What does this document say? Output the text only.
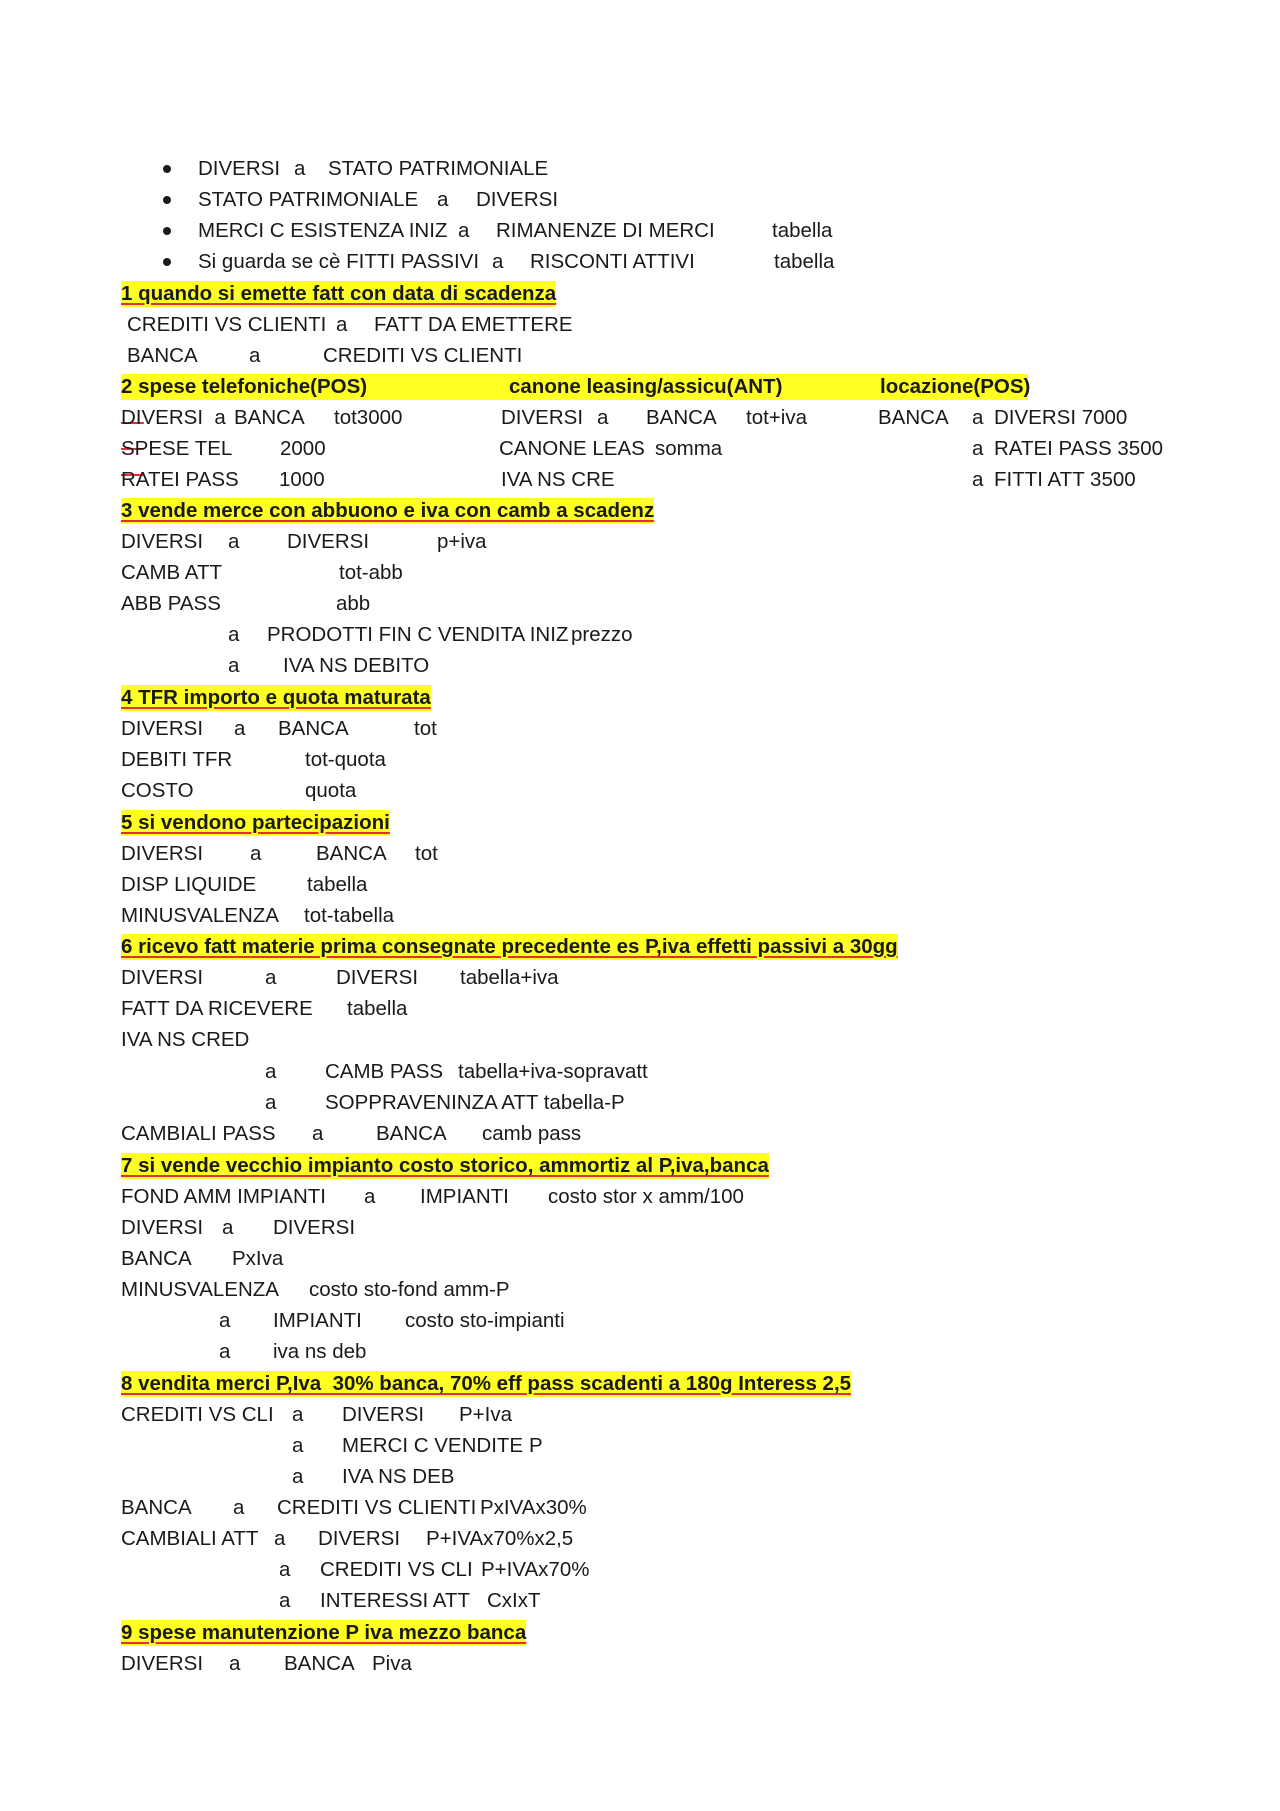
DIVERSI a STATO PATRIMONIALE
STATO PATRIMONIALE a DIVERSI
MERCI C ESISTENZA INIZ a RIMANENZE DI MERCI	tabella
Si guarda se cè FITTI PASSIVI a RISCONTI ATTIVI	tabella
1 quando si emette fatt con data di scadenza
CREDITI VS CLIENTI a FATT DA EMETTERE
BANCA	a	CREDITI VS CLIENTI

2 spese telefoniche(POS)

	canone leasing/assicu(ANT)

	locazione(POS)

DIVERSI  a BANCA tot3000	DIVERSI a BANCA tot+iva	BANCA a DIVERSI 7000
SPESE TEL 2000	CANONE LEAS somma	a RATEI PASS 3500
RATEI PASS 1000	IVA NS CRE	a FITTI ATT 3500
3 vende merce con abbuono e iva con camb a scadenz
DIVERSI a DIVERSI	p+iva
CAMB ATT	tot-abb
ABB PASS	abb
a PRODOTTI FIN C VENDITA INIZ prezzo
a IVA NS DEBITO
4 TFR importo e quota maturata
DIVERSI a BANCA	tot
DEBITI TFR	tot-quota
COSTO	quota
5 si vendono partecipazioni
DIVERSI a	BANCA tot
DISP LIQUIDE tabella
MINUSVALENZA tot-tabella
6 ricevo fatt materie prima consegnate precedente es P,iva effetti passivi a 30gg
DIVERSI	a	DIVERSI tabella+iva
FATT DA RICEVERE tabella
IVA NS CRED
a CAMB PASS tabella+iva-sopravatt
a SOPPRAVENINZA ATT tabella-P
CAMBIALI PASS a	BANCA camb pass
7 si vende vecchio impianto costo storico, ammortiz al P,iva,banca
FOND AMM IMPIANTI a IMPIANTI costo stor x amm/100
DIVERSI a DIVERSI
BANCA PxIva
MINUSVALENZA costo sto-fond amm-P
a IMPIANTI costo sto-impianti
a iva ns deb
8 vendita merci P,Iva  30% banca, 70% eff pass scadenti a 180g Interess 2,5
CREDITI VS CLI a DIVERSI P+Iva
a MERCI C VENDITE P
a IVA NS DEB
BANCA a CREDITI VS CLIENTI PxIVAx30%
CAMBIALI ATT a DIVERSI P+IVAx70%x2,5
a CREDITI VS CLI P+IVAx70%
a INTERESSI ATT CxIxT
9 spese manutenzione P iva mezzo banca
DIVERSI a BANCA Piva
